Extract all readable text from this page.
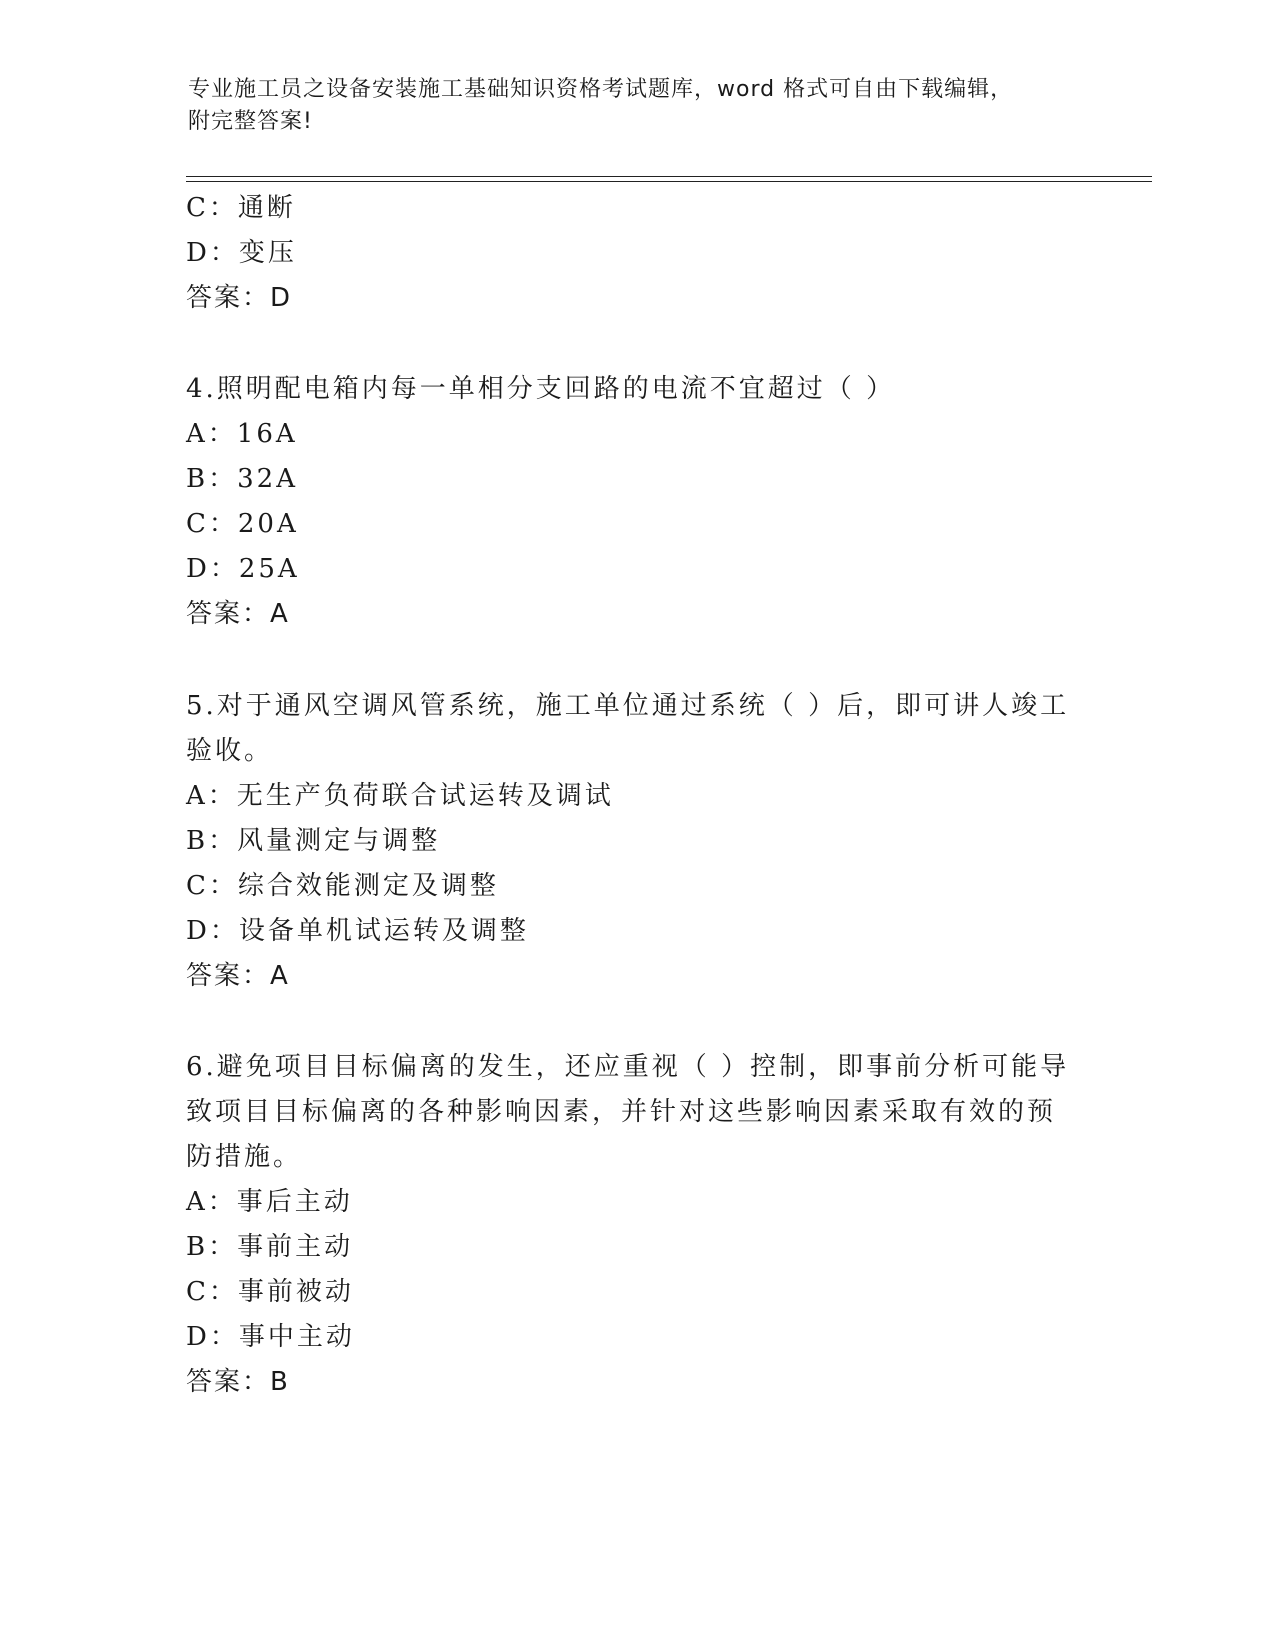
专业施工员之设备安装施工基础知识资格考试题库，word 格式可自由下载编辑，
附完整答案!
C：通断
D：变压
答案：D
4.照明配电箱内每一单相分支回路的电流不宜超过（ ）
A：16A
B：32A
C：20A
D：25A
答案：A
5.对于通风空调风管系统，施工单位通过系统（ ）后，即可讲人竣工
验收。
A：无生产负荷联合试运转及调试
B：风量测定与调整
C：综合效能测定及调整
D：设备单机试运转及调整
答案：A
6.避免项目目标偏离的发生，还应重视（ ）控制，即事前分析可能导
致项目目标偏离的各种影响因素，并针对这些影响因素采取有效的预
防措施。
A：事后主动
B：事前主动
C：事前被动
D：事中主动
答案：B
